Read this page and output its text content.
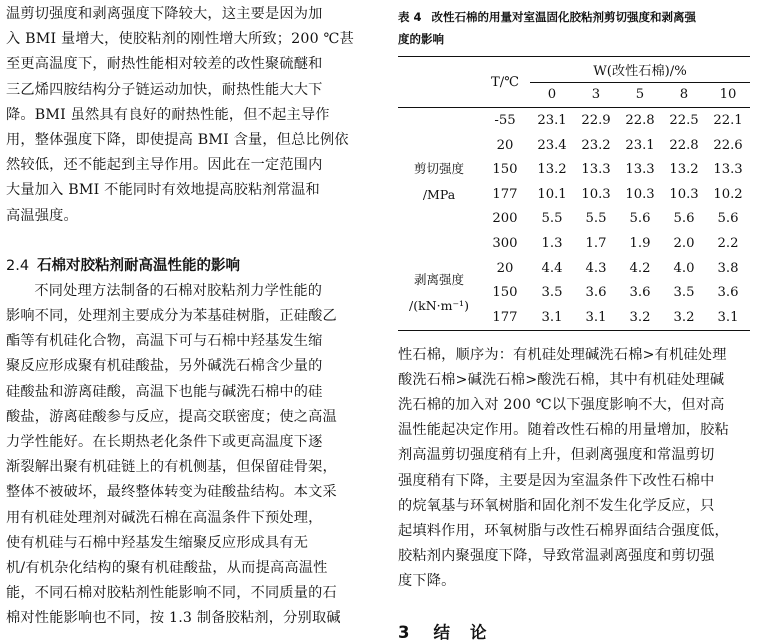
温剪切强度和剥离强度下降较大，这主要是因为加
入 BMI 量增大，使胶粘剂的刚性增大所致；200 ℃甚
至更高温度下，耐热性能相对较差的改性聚硫醚和
三乙烯四胺结构分子链运动加快，耐热性能大大下
降。BMI 虽然具有良好的耐热性能，但不起主导作
用，整体强度下降，即使提高 BMI 含量，但总比例依
然较低，还不能起到主导作用。因此在一定范围内
大量加入 BMI 不能同时有效地提高胶粘剂常温和
高温强度。

2.4 石棉对胶粘剂耐高温性能的影响

不同处理方法制备的石棉对胶粘剂力学性能的
影响不同，处理剂主要成分为苯基硅树脂，正硅酸乙
酯等有机硅化合物，高温下可与石棉中羟基发生缩
聚反应形成聚有机硅酸盐，另外碱洗石棉含少量的
硅酸盐和游离硅酸，高温下也能与碱洗石棉中的硅
酸盐，游离硅酸参与反应，提高交联密度；使之高温
力学性能好。在长期热老化条件下或更高温度下逐
渐裂解出聚有机硅链上的有机侧基，但保留硅骨架，
整体不被破坏，最终整体转变为硅酸盐结构。本文采
用有机硅处理剂对碱洗石棉在高温条件下预处理，
使有机硅与石棉中羟基发生缩聚反应形成具有无
机/有机杂化结构的聚有机硅酸盐，从而提高高温性
能，不同石棉对胶粘剂性能影响不同，不同质量的石
棉对性能影响也不同，按 1.3 制备胶粘剂，分别取碱

表 4 改性石棉的用量对室温固化胶粘剂剪切强度和剥离强
度的影响
	T/℃	W(改性石棉)/%				
		0	3	5	8	10
剪切强度
/MPa	-55	23.1	22.9	22.8	22.5	22.1
	20	23.4	23.2	23.1	22.8	22.6
	150	13.2	13.3	13.3	13.2	13.3
	177	10.1	10.3	10.3	10.3	10.2
	200	5.5	5.5	5.6	5.6	5.6
	300	1.3	1.7	1.9	2.0	2.2
剥离强度
/(kN·m⁻¹)	20	4.4	4.3	4.2	4.0	3.8
	150	3.5	3.6	3.6	3.5	3.6
	177	3.1	3.1	3.2	3.2	3.1

性石棉，顺序为：有机硅处理碱洗石棉>有机硅处理
酸洗石棉>碱洗石棉>酸洗石棉，其中有机硅处理碱
洗石棉的加入对 200 ℃以下强度影响不大，但对高
温性能起决定作用。随着改性石棉的用量增加，胶粘
剂高温剪切强度稍有上升，但剥离强度和常温剪切
强度稍有下降，主要是因为室温条件下改性石棉中
的烷氧基与环氧树脂和固化剂不发生化学反应，只
起填料作用，环氧树脂与改性石棉界面结合强度低，
胶粘剂内聚强度下降，导致常温剥离强度和剪切强
度下降。

3 结 论
